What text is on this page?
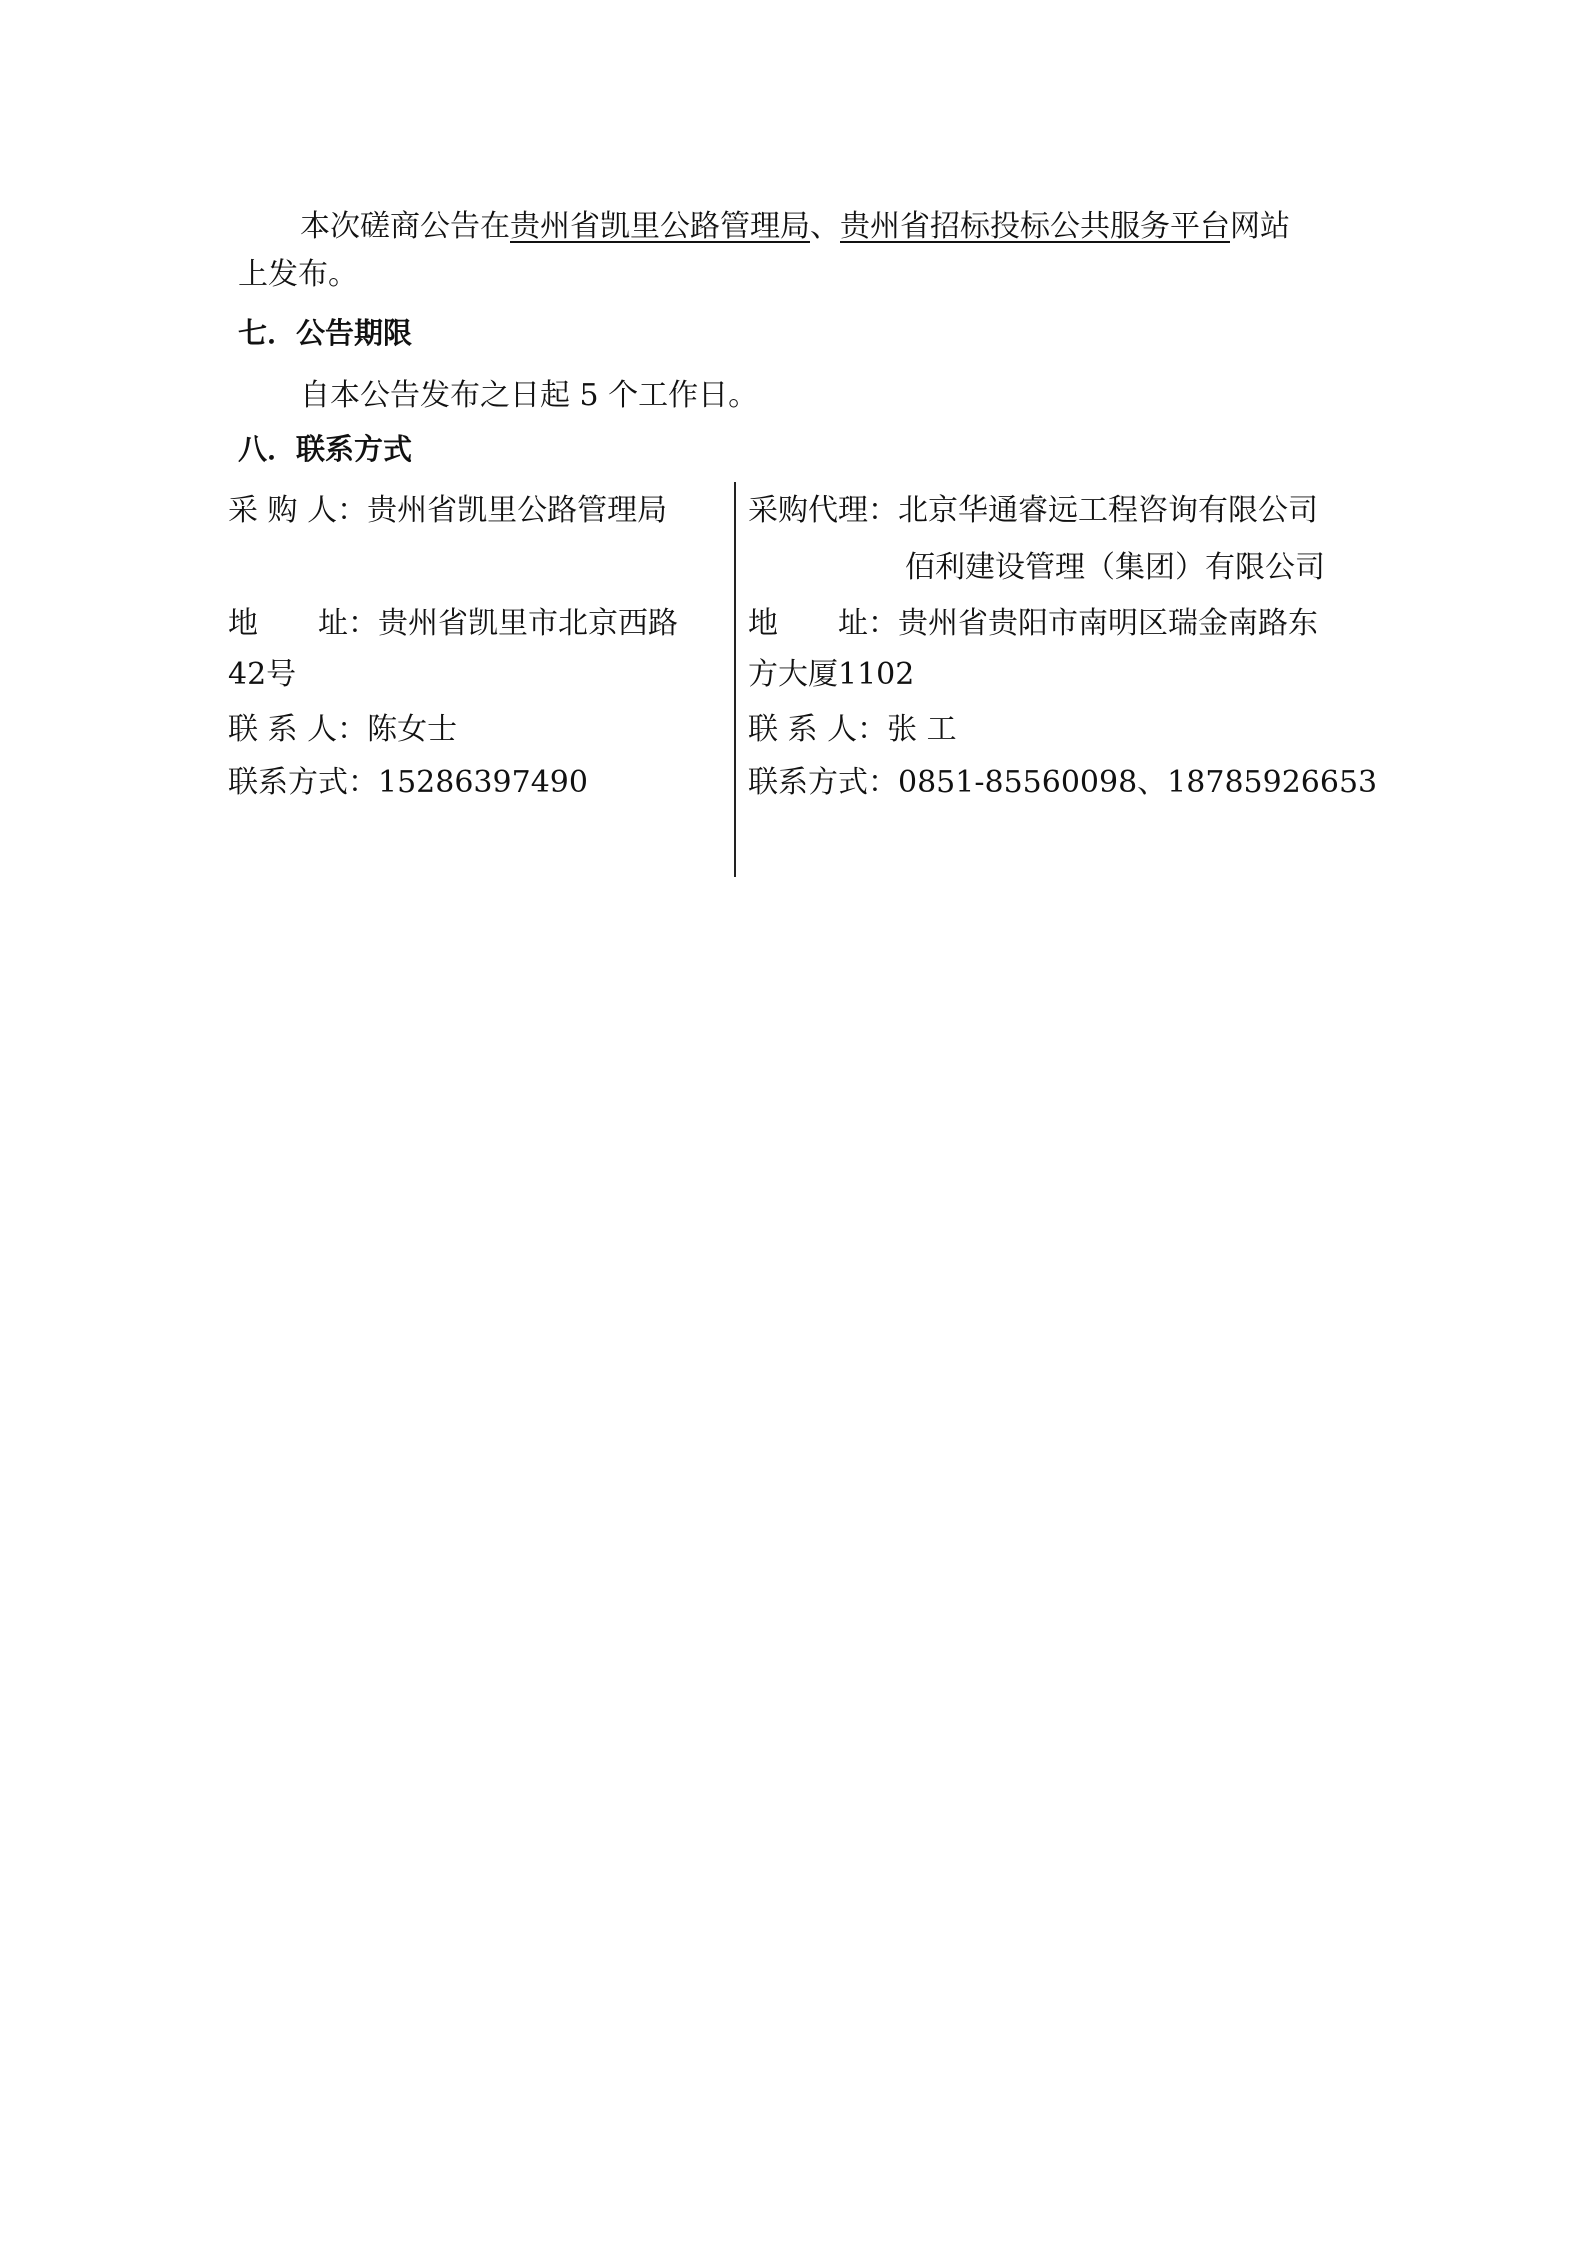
本次磋商公告在贵州省凯里公路管理局、贵州省招标投标公共服务平台网站
上发布。
七．公告期限
自本公告发布之日起 5 个工作日。
八．联系方式
采 购 人：贵州省凯里公路管理局
地　　址：贵州省凯里市北京西路
42号
联 系 人：陈女士
联系方式：15286397490
采购代理：北京华通睿远工程咨询有限公司
佰利建设管理（集团）有限公司
地　　址：贵州省贵阳市南明区瑞金南路东
方大厦1102
联 系 人：张 工
联系方式：0851-85560098、18785926653
